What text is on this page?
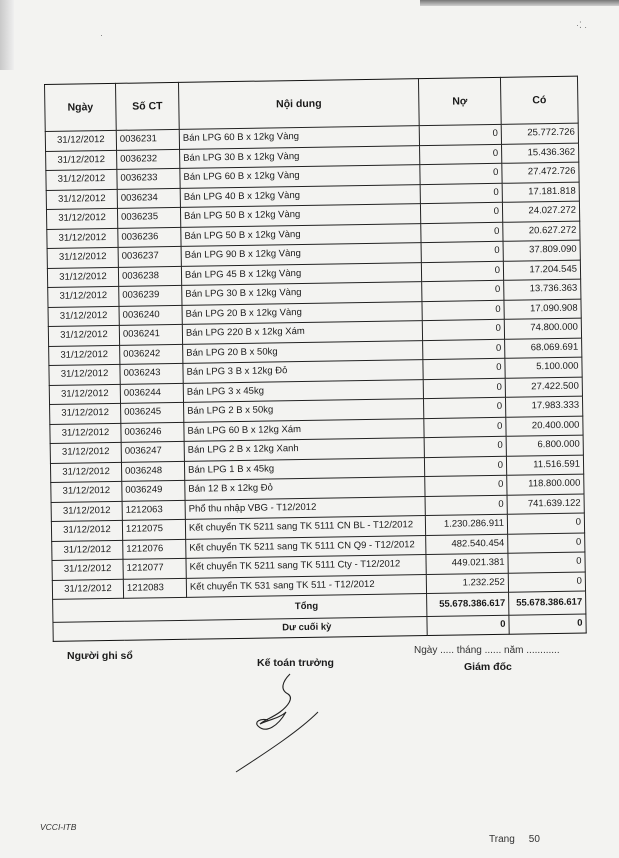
·⁚ .
·
Ngày	Số CT	Nội dung	Nợ	Có
31/12/2012	0036231	Bán LPG 60 B x 12kg Vàng	0	25.772.726
31/12/2012	0036232	Bán LPG 30 B x 12kg Vàng	0	15.436.362
31/12/2012	0036233	Bán LPG 60 B x 12kg Vàng	0	27.472.726
31/12/2012	0036234	Bán LPG 40 B x 12kg Vàng	0	17.181.818
31/12/2012	0036235	Bán LPG 50 B x 12kg Vàng	0	24.027.272
31/12/2012	0036236	Bán LPG 50 B x 12kg Vàng	0	20.627.272
31/12/2012	0036237	Bán LPG 90 B x 12kg Vàng	0	37.809.090
31/12/2012	0036238	Bán LPG 45 B x 12kg Vàng	0	17.204.545
31/12/2012	0036239	Bán LPG 30 B x 12kg Vàng	0	13.736.363
31/12/2012	0036240	Bán LPG 20 B x 12kg Vàng	0	17.090.908
31/12/2012	0036241	Bán LPG 220 B x 12kg Xám	0	74.800.000
31/12/2012	0036242	Bán LPG 20 B x 50kg	0	68.069.691
31/12/2012	0036243	Bán LPG 3 B x 12kg Đỏ	0	5.100.000
31/12/2012	0036244	Bán LPG 3 x 45kg	0	27.422.500
31/12/2012	0036245	Bán LPG 2 B x 50kg	0	17.983.333
31/12/2012	0036246	Bán LPG 60 B x 12kg Xám	0	20.400.000
31/12/2012	0036247	Bán LPG 2 B x 12kg Xanh	0	6.800.000
31/12/2012	0036248	Bán LPG 1 B x 45kg	0	11.516.591
31/12/2012	0036249	Bán 12 B x 12kg Đỏ	0	118.800.000
31/12/2012	1212063	Phổ thu nhập VBG - T12/2012	0	741.639.122
31/12/2012	1212075	Kết chuyển TK 5211 sang TK 5111 CN BL - T12/2012	1.230.286.911	0
31/12/2012	1212076	Kết chuyển TK 5211 sang TK 5111 CN Q9 - T12/2012	482.540.454	0
31/12/2012	1212077	Kết chuyển TK 5211 sang TK 5111 Cty - T12/2012	449.021.381	0
31/12/2012	1212083	Kết chuyển TK 531 sang TK 511 - T12/2012	1.232.252	0
		Tổng	55.678.386.617	55.678.386.617
		Dư cuối kỳ	0	0
Ngày ..... tháng ...... năm ............
Người ghi sổ
Kế toán trưởng	Giám đốc
VCCI-ITB
Trang 50
